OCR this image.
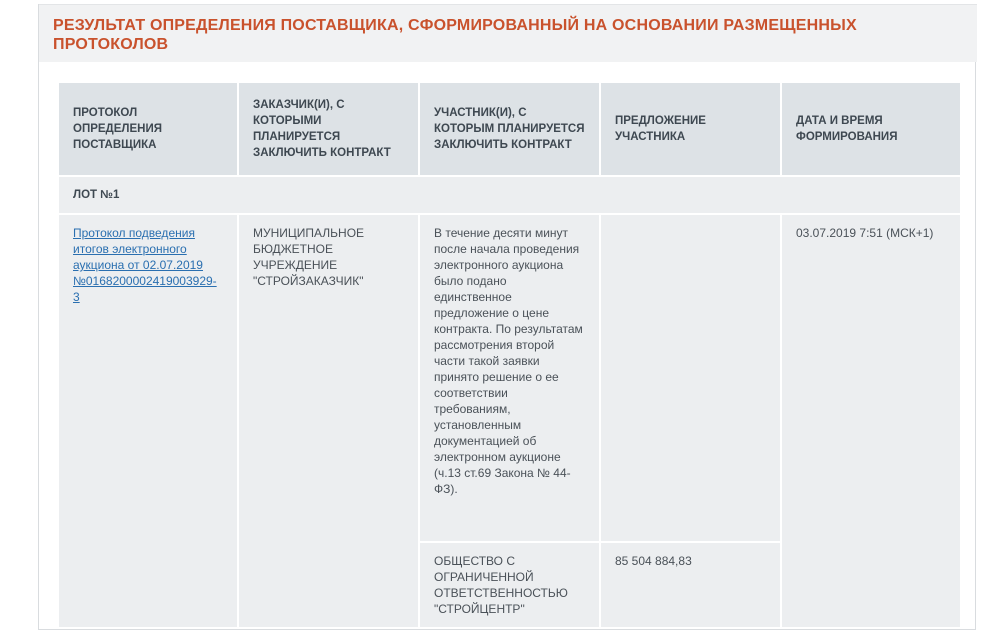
РЕЗУЛЬТАТ ОПРЕДЕЛЕНИЯ ПОСТАВЩИКА, СФОРМИРОВАННЫЙ НА ОСНОВАНИИ РАЗМЕЩЕННЫХ ПРОТОКОЛОВ
ПРОТОКОЛ ОПРЕДЕЛЕНИЯ ПОСТАВЩИКА	ЗАКАЗЧИК(И), С КОТОРЫМИ ПЛАНИРУЕТСЯ ЗАКЛЮЧИТЬ КОНТРАКТ	УЧАСТНИК(И), С КОТОРЫМ ПЛАНИРУЕТСЯ ЗАКЛЮЧИТЬ КОНТРАКТ	ПРЕДЛОЖЕНИЕ УЧАСТНИКА	ДАТА И ВРЕМЯ ФОРМИРОВАНИЯ
ЛОТ №1				
Протокол подведения итогов электронного аукциона от 02.07.2019 №0168200002419003929-3	МУНИЦИПАЛЬНОЕ БЮДЖЕТНОЕ УЧРЕЖДЕНИЕ "СТРОЙЗАКАЗЧИК"	В течение десяти минут после начала проведения электронного аукциона было подано единственное предложение о цене контракта. По результатам рассмотрения второй части такой заявки принято решение о ее соответствии требованиям, установленным документацией об электронном аукционе (ч.13 ст.69 Закона № 44-ФЗ).		03.07.2019 7:51 (МСК+1)
		ОБЩЕСТВО С ОГРАНИЧЕННОЙ ОТВЕТСТВЕННОСТЬЮ "СТРОЙЦЕНТР"	85 504 884,83	
